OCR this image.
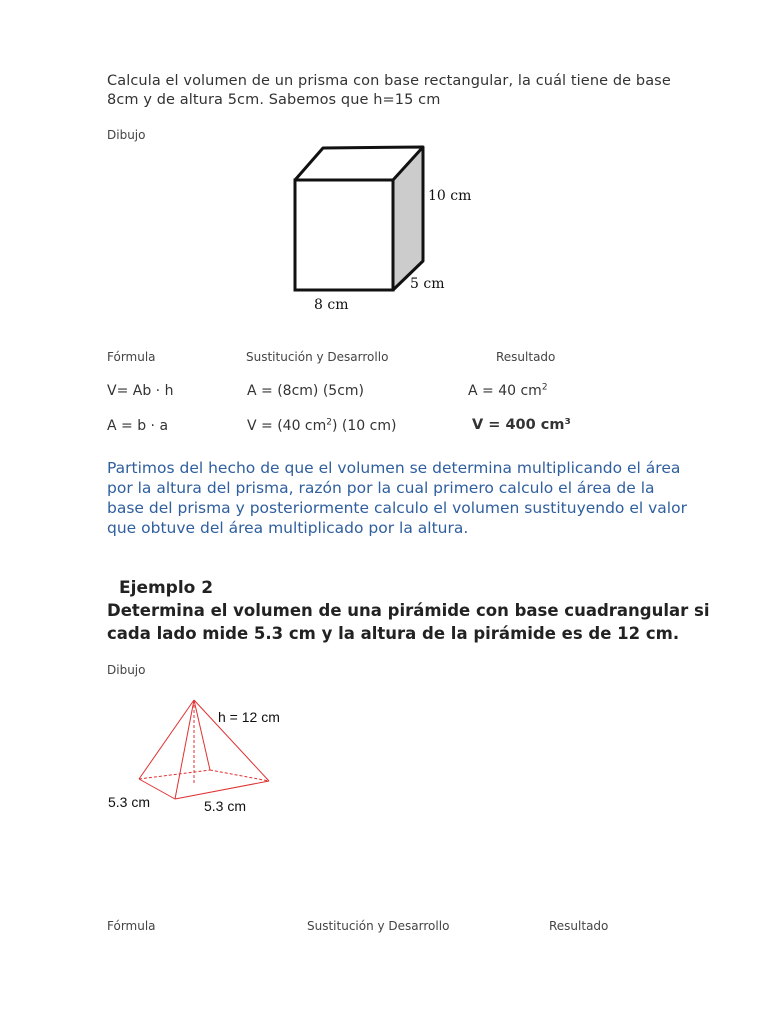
Calcula el volumen de un prisma con base rectangular, la cuál tiene de base
8cm y de altura 5cm. Sabemos que h=15 cm
Dibujo
10 cm
5 cm
8 cm
Fórmula	Sustitución y Desarrollo	Resultado
V= Ab · h	A = (8cm) (5cm)	A = 40 $cm^2$
A = b · a	V = (40 $cm^2$) (10 cm)	V = 400 cm³
Partimos del hecho de que el volumen se determina multiplicando el área
por la altura del prisma, razón por la cual primero calculo el área de la
base del prisma y posteriormente calculo el volumen sustituyendo el valor
que obtuve del área multiplicado por la altura.
Ejemplo 2
Determina el volumen de una pirámide con base cuadrangular si
cada lado mide 5.3 cm y la altura de la pirámide es de 12 cm.
Dibujo
h = 12 cm
5.3 cm	5.3 cm
Fórmula	Sustitución y Desarrollo	Resultado
